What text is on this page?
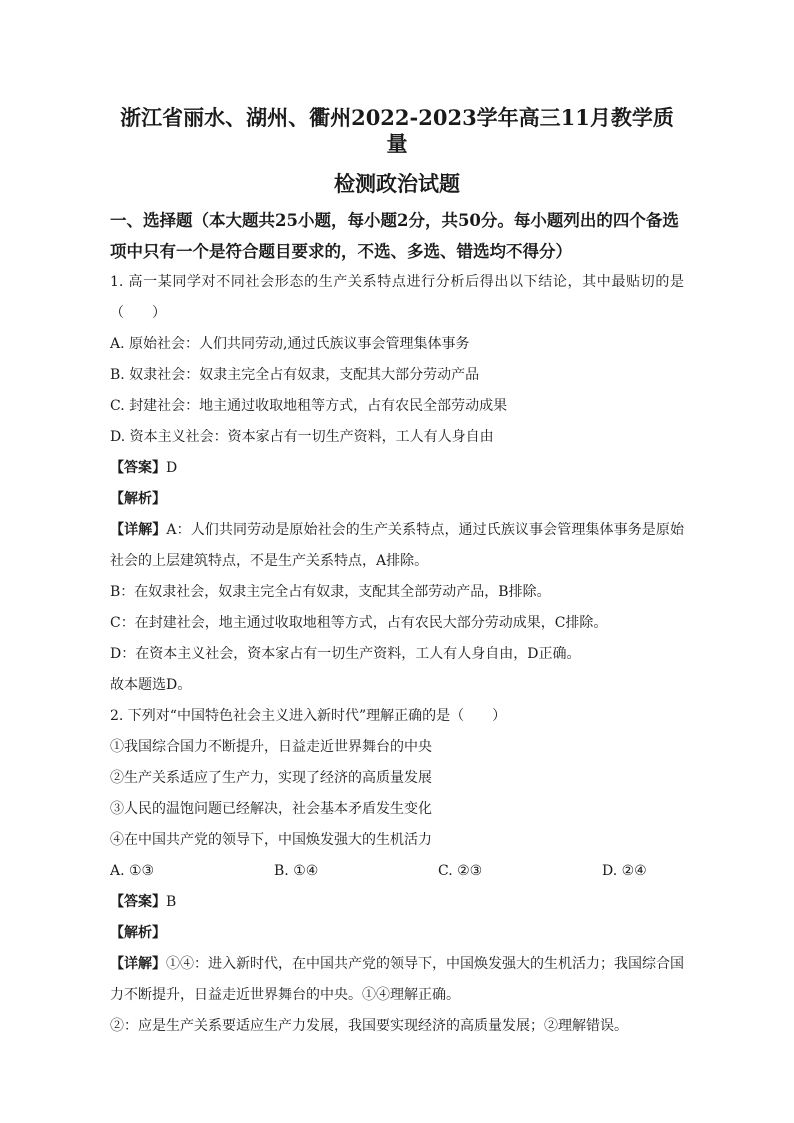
浙江省丽水、湖州、衢州2022-2023学年高三11月教学质量
检测政治试题
一、选择题（本大题共25小题，每小题2分，共50分。每小题列出的四个备选项中只有一个是符合题目要求的，不选、多选、错选均不得分）

1. 高一某同学对不同社会形态的生产关系特点进行分析后得出以下结论，其中最贴切的是（　　）

A. 原始社会：人们共同劳动,通过氏族议事会管理集体事务

B. 奴隶社会：奴隶主完全占有奴隶，支配其大部分劳动产品

C. 封建社会：地主通过收取地租等方式，占有农民全部劳动成果

D. 资本主义社会：资本家占有一切生产资料，工人有人身自由

【答案】D

【解析】

【详解】A：人们共同劳动是原始社会的生产关系特点，通过氏族议事会管理集体事务是原始社会的上层建筑特点，不是生产关系特点，A排除。

B：在奴隶社会，奴隶主完全占有奴隶，支配其全部劳动产品，B排除。

C：在封建社会，地主通过收取地租等方式，占有农民大部分劳动成果，C排除。

D：在资本主义社会，资本家占有一切生产资料，工人有人身自由，D正确。

故本题选D。

2. 下列对“中国特色社会主义进入新时代”理解正确的是（　　）

①我国综合国力不断提升，日益走近世界舞台的中央

②生产关系适应了生产力，实现了经济的高质量发展

③人民的温饱问题已经解决，社会基本矛盾发生变化

④在中国共产党的领导下，中国焕发强大的生机活力

A. ①③	B. ①④	C. ②③	D. ②④

【答案】B

【解析】

【详解】①④：进入新时代，在中国共产党的领导下，中国焕发强大的生机活力；我国综合国力不断提升，日益走近世界舞台的中央。①④理解正确。

②：应是生产关系要适应生产力发展，我国要实现经济的高质量发展；②理解错误。
